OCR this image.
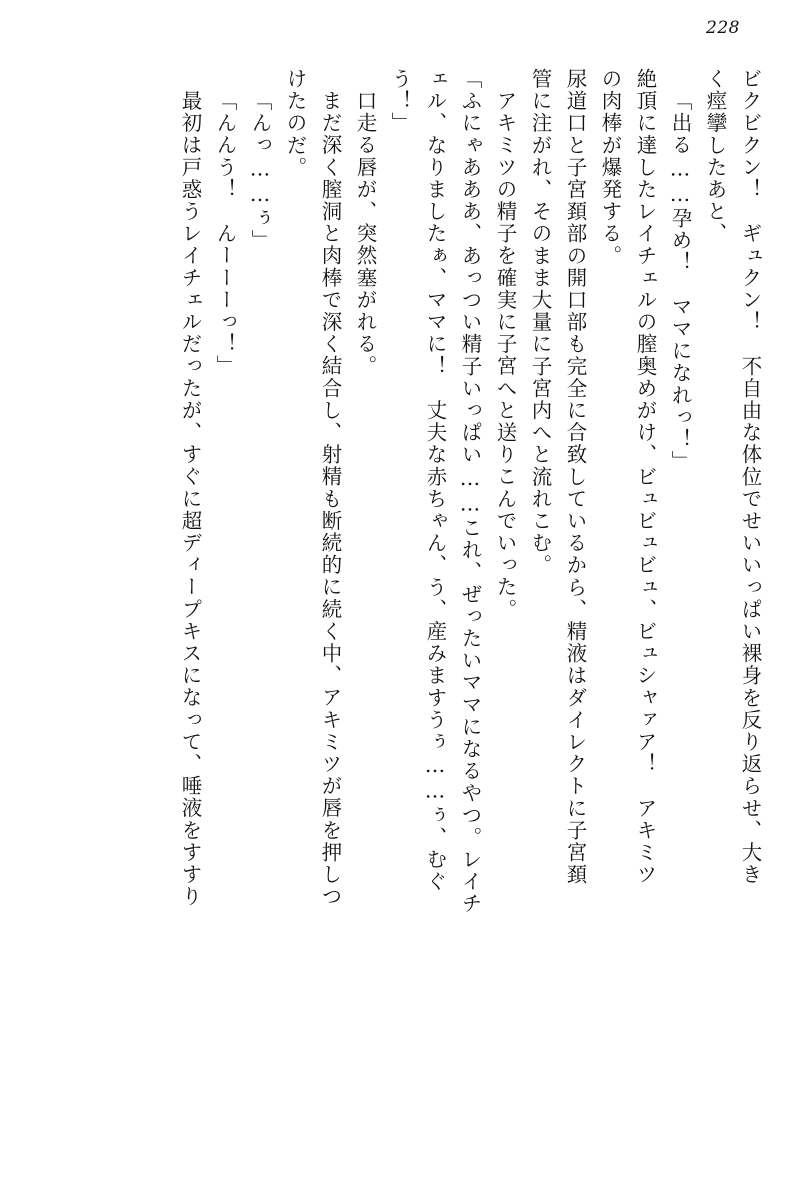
228
ビクビクン！　ギュクン！　不自由な体位でせいいっぱい裸身を反り返らせ、大き
く痙攣したあと、
「出る……孕め！　ママになれっ！」
絶頂に達したレイチェルの膣奥めがけ、ビュビュビュ、ビュシャァア！　アキミツ
の肉棒が爆発する。
尿道口と子宮頚部の開口部も完全に合致しているから、精液はダイレクトに子宮頚
管に注がれ、そのまま大量に子宮内へと流れこむ。
アキミツの精子を確実に子宮へと送りこんでいった。
「ふにゃあああ、あっつい精子いっぱい……これ、ぜったいママになるやつ。レイチ
ェル、なりましたぁ、ママに！　丈夫な赤ちゃん、う、産みますうぅ……ぅ、むぐ
う！」
口走る唇が、突然塞がれる。
まだ深く膣洞と肉棒で深く結合し、射精も断続的に続く中、アキミツが唇を押しつ
けたのだ。
「んっ……ぅ」
「んんう！　んーーーっ！」
最初は戸惑うレイチェルだったが、すぐに超ディープキスになって、唾液をすすり
